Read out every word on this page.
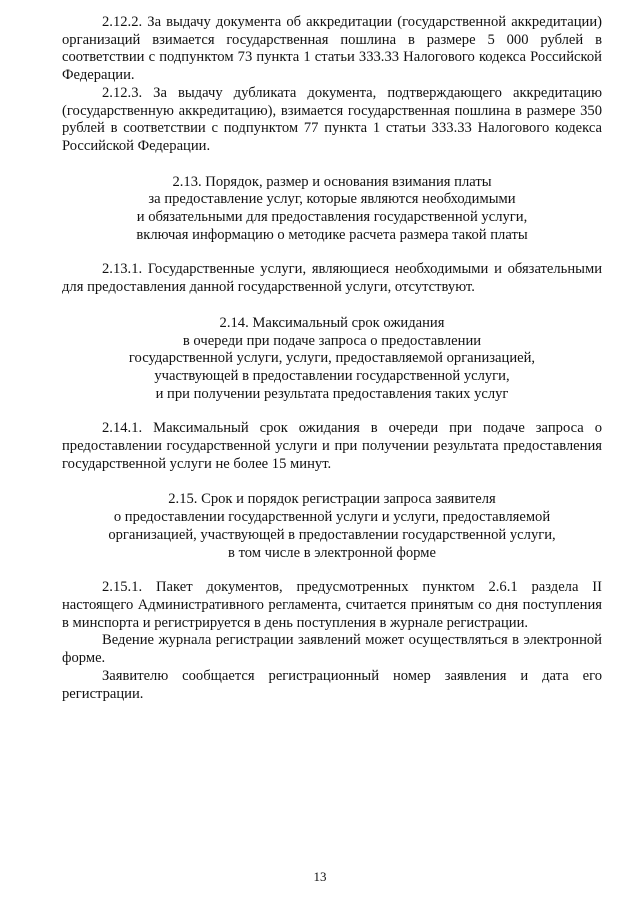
2.12.2. За выдачу документа об аккредитации (государственной аккредитации) организаций взимается государственная пошлина в размере 5 000 рублей в соответствии с подпунктом 73 пункта 1 статьи 333.33 Налогового кодекса Российской Федерации.

2.12.3. За выдачу дубликата документа, подтверждающего аккредитацию (государственную аккредитацию), взимается государственная пошлина в размере 350 рублей в соответствии с подпунктом 77 пункта 1 статьи 333.33 Налогового кодекса Российской Федерации.

2.13. Порядок, размер и основания взимания платы
за предоставление услуг, которые являются необходимыми
и обязательными для предоставления государственной услуги,
включая информацию о методике расчета размера такой платы

2.13.1. Государственные услуги, являющиеся необходимыми и обязательными для предоставления данной государственной услуги, отсутствуют.

2.14. Максимальный срок ожидания
в очереди при подаче запроса о предоставлении
государственной услуги, услуги, предоставляемой организацией,
участвующей в предоставлении государственной услуги,
и при получении результата предоставления таких услуг

2.14.1. Максимальный срок ожидания в очереди при подаче запроса о предоставлении государственной услуги и при получении результата предоставления государственной услуги не более 15 минут.

2.15. Срок и порядок регистрации запроса заявителя
о предоставлении государственной услуги и услуги, предоставляемой
организацией, участвующей в предоставлении государственной услуги,
в том числе в электронной форме

2.15.1. Пакет документов, предусмотренных пунктом 2.6.1 раздела II настоящего Административного регламента, считается принятым со дня поступления в минспорта и регистрируется в день поступления в журнале регистрации.

Ведение журнала регистрации заявлений может осуществляться в электронной форме.

Заявителю сообщается регистрационный номер заявления и дата его регистрации.

13
